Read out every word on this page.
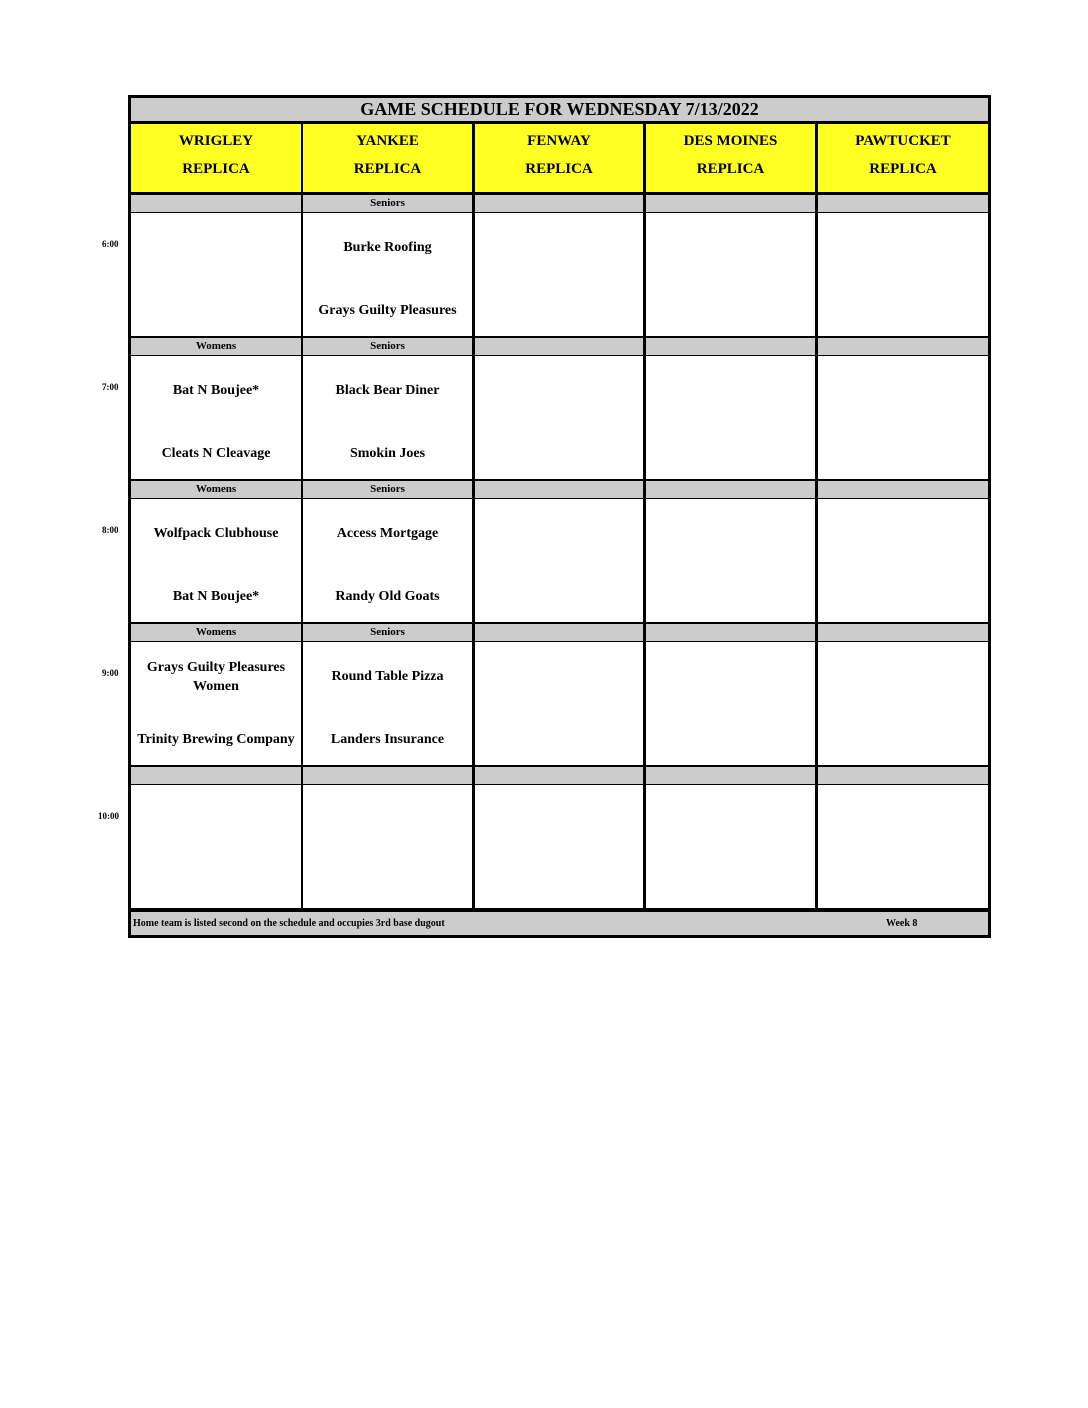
GAME SCHEDULE FOR WEDNESDAY 7/13/2022
WRIGLEY
REPLICA
YANKEE
REPLICA
FENWAY
REPLICA
DES MOINES
REPLICA
PAWTUCKET
REPLICA
6:00
Seniors
Burke Roofing
Grays Guilty Pleasures
7:00
Womens
Bat N Boujee*
Cleats N Cleavage
Seniors
Black Bear Diner
Smokin Joes
8:00
Womens
Wolfpack Clubhouse
Bat N Boujee*
Seniors
Access Mortgage
Randy Old Goats
9:00
Womens
Grays Guilty Pleasures Women
Trinity Brewing Company
Seniors
Round Table Pizza
Landers Insurance
10:00
Home team is listed second on the schedule and occupies 3rd base dugout	Week 8
